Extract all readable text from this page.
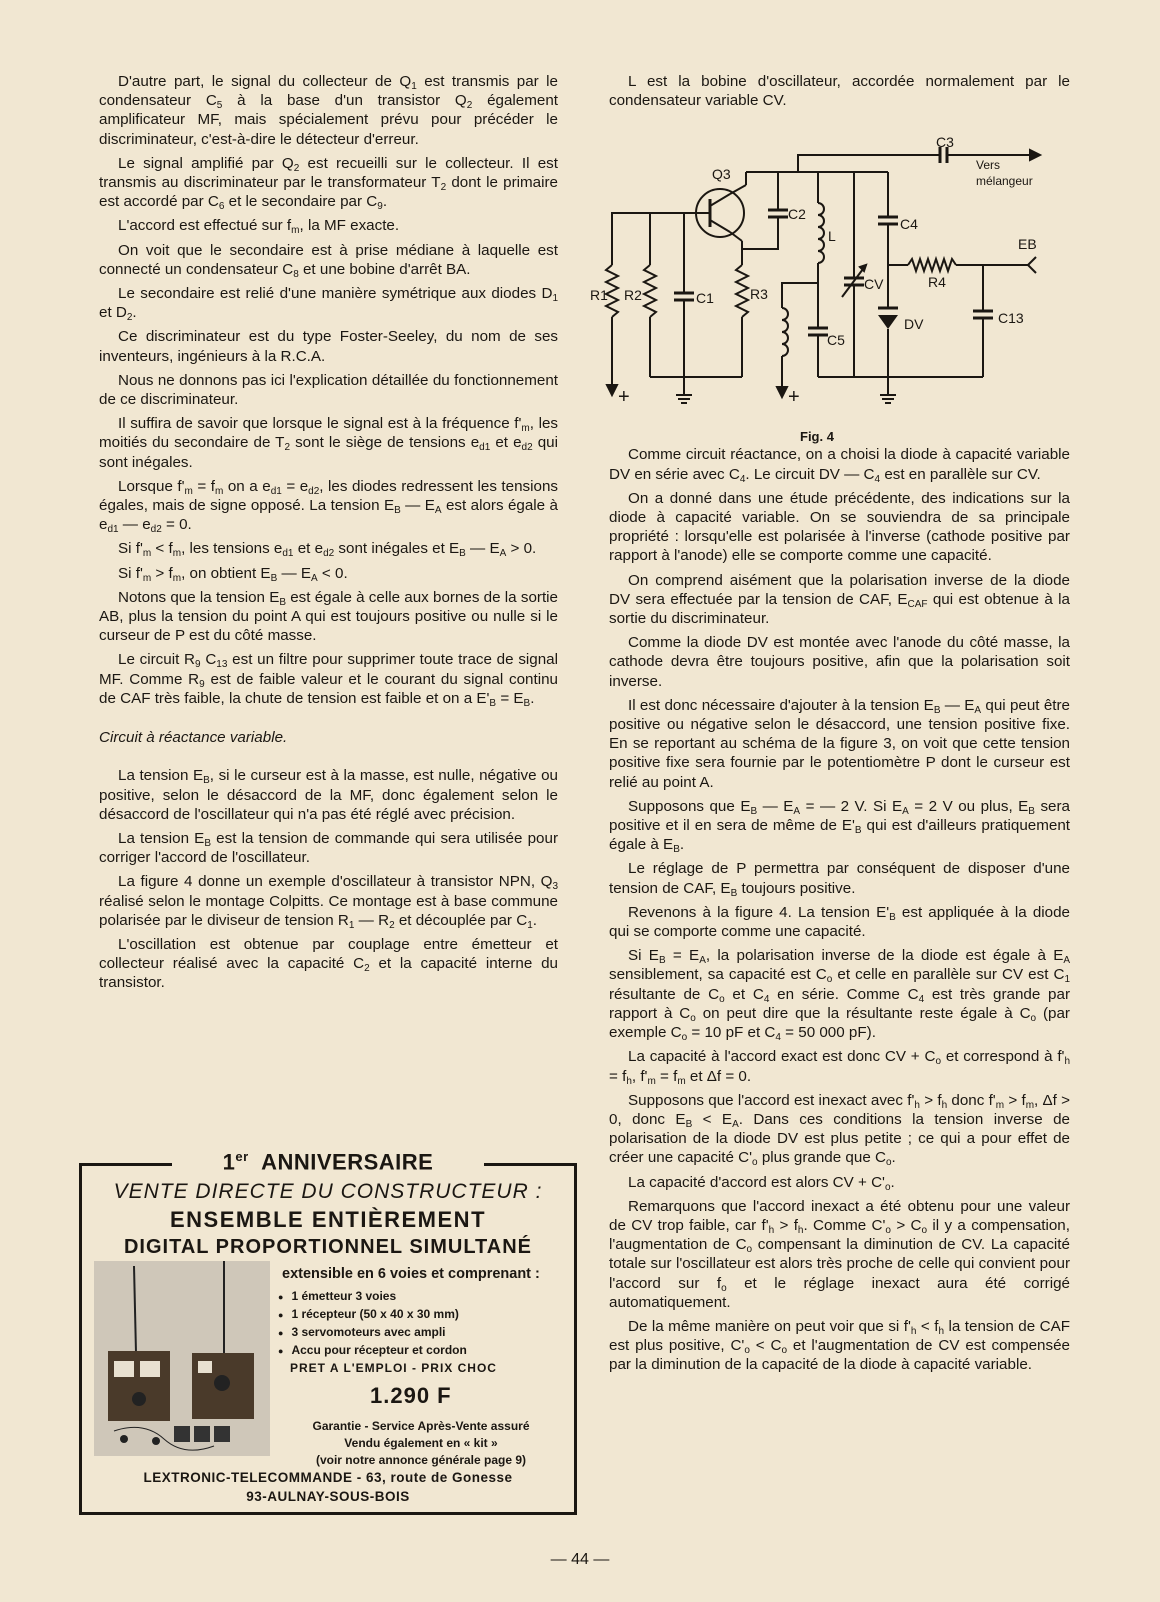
D'autre part, le signal du collecteur de $Q_1$ est transmis par le condensateur $C_5$ à la base d'un transistor $Q_2$ également amplificateur MF, mais spécialement prévu pour précéder le discriminateur, c'est-à-dire le détecteur d'erreur.

Le signal amplifié par $Q_2$ est recueilli sur le collecteur. Il est transmis au discriminateur par le transformateur $T_2$ dont le primaire est accordé par $C_6$ et le secondaire par $C_9$.

L'accord est effectué sur $f_m$, la MF exacte.

On voit que le secondaire est à prise médiane à laquelle est connecté un condensateur $C_8$ et une bobine d'arrêt BA.

Le secondaire est relié d'une manière symétrique aux diodes $D_1$ et $D_2$.

Ce discriminateur est du type Foster-Seeley, du nom de ses inventeurs, ingénieurs à la R.C.A.

Nous ne donnons pas ici l'explication détaillée du fonctionnement de ce discriminateur.

Il suffira de savoir que lorsque le signal est à la fréquence $f'_m$, les moitiés du secondaire de $T_2$ sont le siège de tensions $e_{d1}$ et $e_{d2}$ qui sont inégales.

Lorsque $f'_m = f_m$ on a $e_{d1} = e_{d2}$, les diodes redressent les tensions égales, mais de signe opposé. La tension $E_B$ — $E_A$ est alors égale à $e_{d1}$ — $e_{d2} = 0$.

Si $f'_m < f_m$, les tensions $e_{d1}$ et $e_{d2}$ sont inégales et $E_B$ — $E_A > 0$.

Si $f'_m > f_m$, on obtient $E_B$ — $E_A < 0$.

Notons que la tension $E_B$ est égale à celle aux bornes de la sortie AB, plus la tension du point A qui est toujours positive ou nulle si le curseur de P est du côté masse.

Le circuit $R_9$ $C_{13}$ est un filtre pour supprimer toute trace de signal MF. Comme $R_9$ est de faible valeur et le courant du signal continu de CAF très faible, la chute de tension est faible et on a $E'_B = E_B$.

Circuit à réactance variable.

La tension $E_B$, si le curseur est à la masse, est nulle, négative ou positive, selon le désaccord de la MF, donc également selon le désaccord de l'oscillateur qui n'a pas été réglé avec précision.

La tension $E_B$ est la tension de commande qui sera utilisée pour corriger l'accord de l'oscillateur.

La figure 4 donne un exemple d'oscillateur à transistor NPN, $Q_3$ réalisé selon le montage Colpitts. Ce montage est à base commune polarisée par le diviseur de tension $R_1$ — $R_2$ et découplée par $C_1$.

L'oscillation est obtenue par couplage entre émetteur et collecteur réalisé avec la capacité $C_2$ et la capacité interne du transistor.

L est la bobine d'oscillateur, accordée normalement par le condensateur variable CV.

Comme circuit réactance, on a choisi la diode à capacité variable DV en série avec $C_4$. Le circuit DV — $C_4$ est en parallèle sur CV.

On a donné dans une étude précédente, des indications sur la diode à capacité variable. On se souviendra de sa principale propriété : lorsqu'elle est polarisée à l'inverse (cathode positive par rapport à l'anode) elle se comporte comme une capacité.

On comprend aisément que la polarisation inverse de la diode DV sera effectuée par la tension de CAF, $E_{CAF}$ qui est obtenue à la sortie du discriminateur.

Comme la diode DV est montée avec l'anode du côté masse, la cathode devra être toujours positive, afin que la polarisation soit inverse.

Il est donc nécessaire d'ajouter à la tension $E_B$ — $E_A$ qui peut être positive ou négative selon le désaccord, une tension positive fixe. En se reportant au schéma de la figure 3, on voit que cette tension positive fixe sera fournie par le potentiomètre P dont le curseur est relié au point A.

Supposons que $E_B$ — $E_A$ = — 2 V. Si $E_A = 2$ V ou plus, $E_B$ sera positive et il en sera de même de $E'_B$ qui est d'ailleurs pratiquement égale à $E_B$.

Le réglage de P permettra par conséquent de disposer d'une tension de CAF, $E_B$ toujours positive.

Revenons à la figure 4. La tension $E'_B$ est appliquée à la diode qui se comporte comme une capacité.

Si $E_B = E_A$, la polarisation inverse de la diode est égale à $E_A$ sensiblement, sa capacité est $C_o$ et celle en parallèle sur CV est $C_1$ résultante de $C_o$ et $C_4$ en série. Comme $C_4$ est très grande par rapport à $C_o$ on peut dire que la résultante reste égale à $C_o$ (par exemple $C_o = 10$ pF et $C_4 = 50$ 000 pF).

La capacité à l'accord exact est donc CV + $C_o$ et correspond à $f'_h = f_h$, $f'_m = f_m$ et Δf = 0.

Supposons que l'accord est inexact avec $f'_h > f_h$ donc $f'_m > f_m$, Δf > 0, donc $E_B < E_A$. Dans ces conditions la tension inverse de polarisation de la diode DV est plus petite ; ce qui a pour effet de créer une capacité $C'_o$ plus grande que $C_o$.

La capacité d'accord est alors CV + $C'_o$.

Remarquons que l'accord inexact a été obtenu pour une valeur de CV trop faible, car $f'_h > f_h$. Comme $C'_o > C_o$ il y a compensation, l'augmentation de $C_o$ compensant la diminution de CV. La capacité totale sur l'oscillateur est alors très proche de celle qui convient pour l'accord sur $f_o$ et le réglage inexact aura été corrigé automatiquement.

De la même manière on peut voir que si $f'_h < f_h$ la tension de CAF est plus positive, $C'_o < C_o$ et l'augmentation de CV est compensée par la diminution de la capacité de la diode à capacité variable.

C3
Vers
mélangeur
Q3
C2
L
C4
EB
R1 R2	C1	R3
CV	R4
C5
DV	C13
+	+
Fig. 4
1er ANNIVERSAIRE
VENTE DIRECTE DU CONSTRUCTEUR :
ENSEMBLE ENTIÈREMENT
DIGITAL PROPORTIONNEL SIMULTANÉ
extensible en 6 voies et comprenant :
● 1 émetteur 3 voies
● 1 récepteur (50 x 40 x 30 mm)
● 3 servomoteurs avec ampli
● Accu pour récepteur et cordon
PRET A L'EMPLOI - PRIX CHOC
1.290 F
Garantie - Service Après-Vente assuré
Vendu également en « kit »
(voir notre annonce générale page 9)
LEXTRONIC-TELECOMMANDE - 63, route de Gonesse
93-AULNAY-SOUS-BOIS
— 44 —
